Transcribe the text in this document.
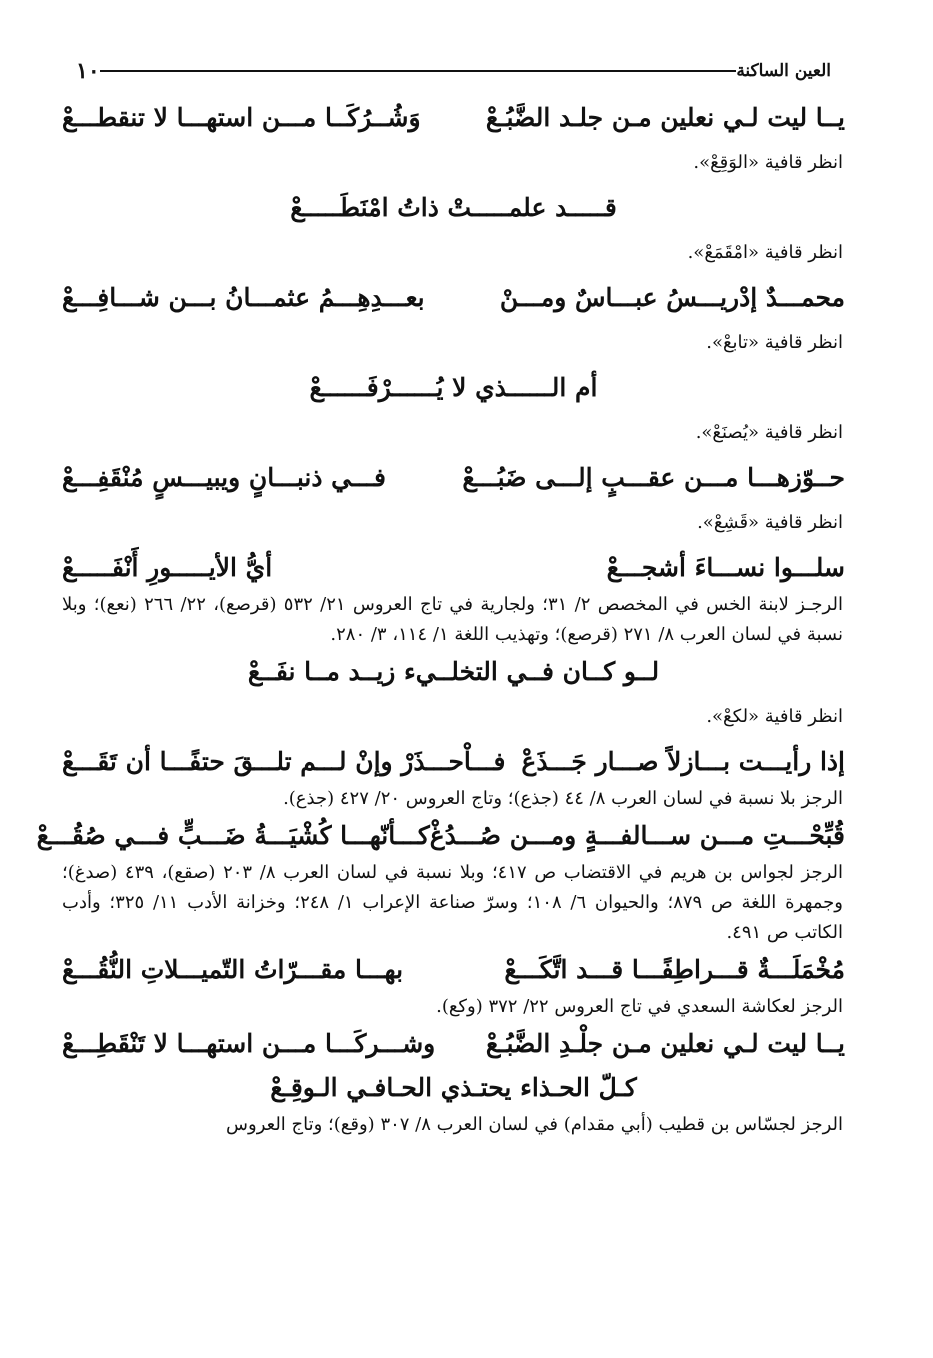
العين الساكنة
١٠
يــا ليت لـي نعلين مـن جلـد الضَّبُـعْ
وَشُــرُكَــا مـــن استهـــا لا تنقطـــعْ
انظر قافية «الوَقِعْ».
قـــــد علمـــــتْ ذاتُ امْنَطَـــــعْ
انظر قافية «امْقَمَعْ».
محمـــدٌ إدْريـــسُ عبـــاسٌ ومـــنْ
بعـــدِهِـــمُ عثمـــانُ بـــن شـــافِـــعْ
انظر قافية «تابعْ».
أم الــــــذي لا يُــــــرْفَــــــعْ
انظر قافية «يُصنَعْ».
حــوّزهـــا مـــن عقـــبٍ إلـــى ضَبُـــعْ
فـــي ذنبـــانٍ ويبيـــسٍ مُنْقَفِـــعْ
انظر قافية «قَشِعْ».
سلـــوا نســـاءَ أشجـــعْ
أيُّ الأيـــــورِ أَنْفَـــــعْ
الرجـز لابنة الخس في المخصص ٢/ ٣١؛ ولجارية في تاج العروس ٢١/ ٥٣٢ (قرصع)، ٢٢/ ٢٦٦ (نعع)؛ وبلا نسبة في لسان العرب ٨/ ٢٧١ (قرصع)؛ وتهذيب اللغة ١/ ١١٤، ٣/ ٢٨٠.
لــو كــان فــي التخلــيء زيــد مــا نفَــعْ
انظر قافية «لكعْ».
إذا رأيـــت بـــازلاً صـــار جَـــذَعْ
فـــاْحـــذَرْ وإنْ لـــم تلـــقَ حتفًـــا أن تَقَـــعْ
الرجز بلا نسبة في لسان العرب ٨/ ٤٤ (جذع)؛ وتاج العروس ٢٠/ ٤٢٧ (جذع).
قُبِّحْـــتِ مـــن ســـالفـــةٍ ومـــن صُـــدُغْ
كـــأنّهـــا كُشْيَـــةُ ضَـــبٍّ فـــي صُقُـــعْ
الرجز لجواس بن هريم في الاقتضاب ص ٤١٧؛ وبلا نسبة في لسان العرب ٨/ ٢٠٣ (صقع)، ٤٣٩ (صدغ)؛ وجمهرة اللغة ص ٨٧٩؛ والحيوان ٦/ ١٠٨؛ وسرّ صناعة الإعراب ١/ ٢٤٨؛ وخزانة الأدب ١١/ ٣٢٥؛ وأدب الكاتب ص ٤٩١.
مُخْمَلَـــةٌ قـــراطِفًـــا قـــد اتَّكَـــعْ
بهـــا مقـــرّاتُ التّميـــلاتِ النُّقُـــعْ
الرجز لعكاشة السعدي في تاج العروس ٢٢/ ٣٧٢ (وكع).
يــا ليت لـي نعلين مـن جلْـدِ الضَّبُـعْ
وشـــركَـــا مـــن استهـــا لا تَنْقَطِـــعْ
كـلّ الحـذاء يحتـذي الحـافـي الـوقِـعْ
الرجز لجسّاس بن قطيب (أبي مقدام) في لسان العرب ٨/ ٣٠٧ (وقع)؛ وتاج العروس
